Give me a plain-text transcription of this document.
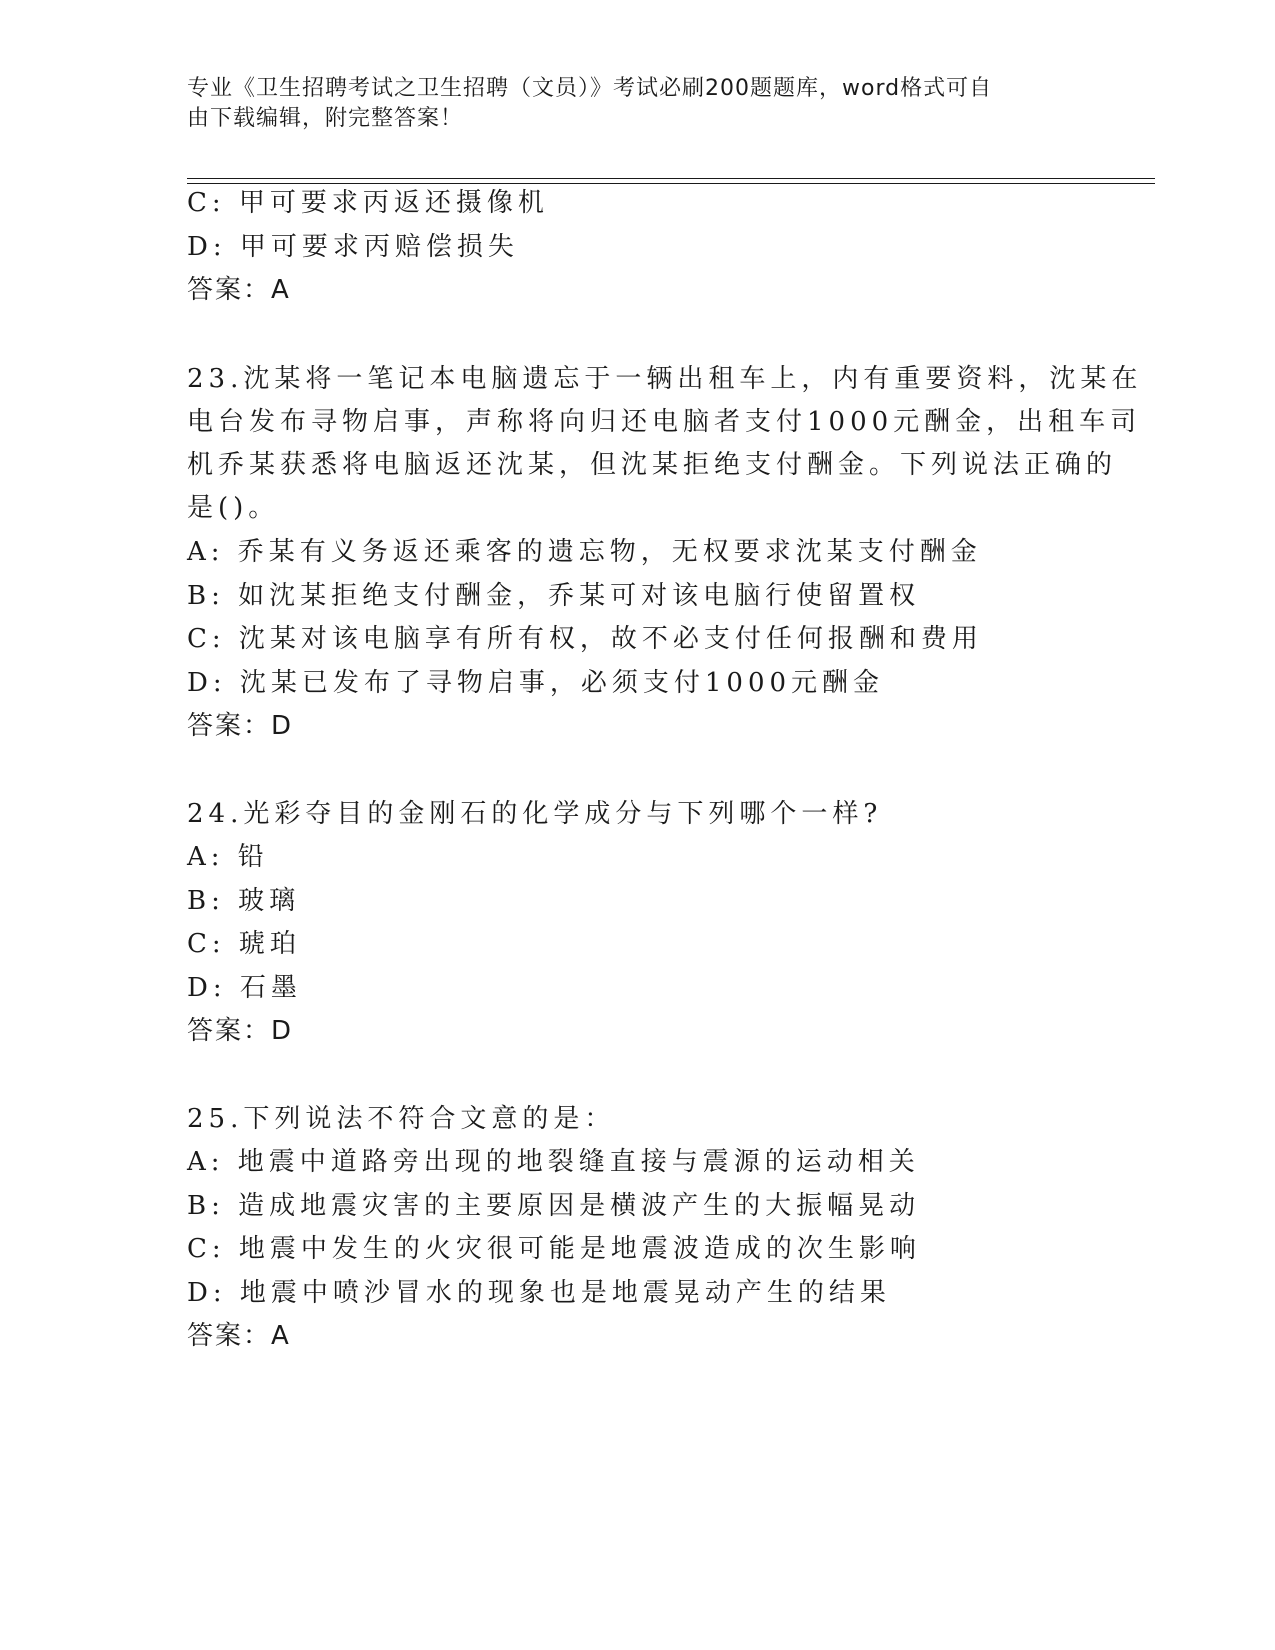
专业《卫生招聘考试之卫生招聘（文员）》考试必刷200题题库，word格式可自
由下载编辑，附完整答案！
C: 甲可要求丙返还摄像机
D: 甲可要求丙赔偿损失
答案：A
23.沈某将一笔记本电脑遗忘于一辆出租车上，内有重要资料，沈某在
电台发布寻物启事，声称将向归还电脑者支付1000元酬金，出租车司
机乔某获悉将电脑返还沈某，但沈某拒绝支付酬金。下列说法正确的
是()。
A: 乔某有义务返还乘客的遗忘物，无权要求沈某支付酬金
B: 如沈某拒绝支付酬金，乔某可对该电脑行使留置权
C: 沈某对该电脑享有所有权，故不必支付任何报酬和费用
D: 沈某已发布了寻物启事，必须支付1000元酬金
答案：D
24.光彩夺目的金刚石的化学成分与下列哪个一样?
A: 铅
B: 玻璃
C: 琥珀
D: 石墨
答案：D
25.下列说法不符合文意的是：
A: 地震中道路旁出现的地裂缝直接与震源的运动相关
B: 造成地震灾害的主要原因是横波产生的大振幅晃动
C: 地震中发生的火灾很可能是地震波造成的次生影响
D: 地震中喷沙冒水的现象也是地震晃动产生的结果
答案：A
